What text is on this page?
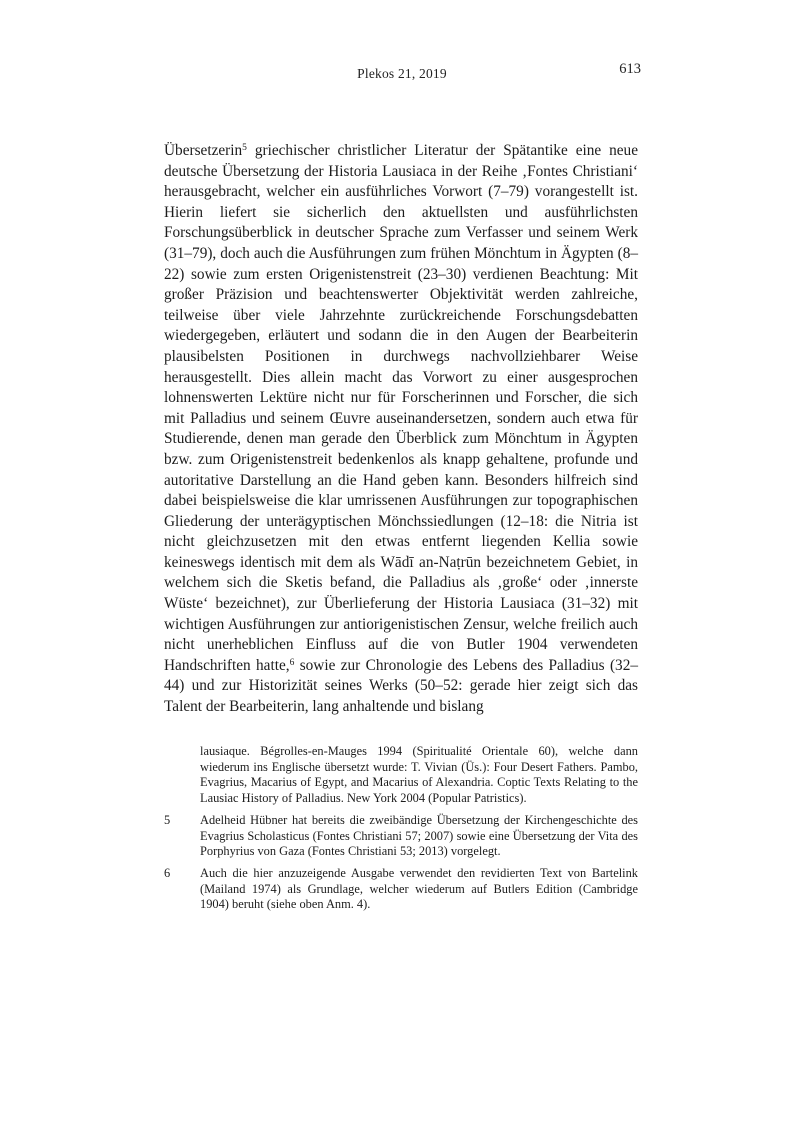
Plekos 21, 2019	613

Übersetzerin$^5$ griechischer christlicher Literatur der Spätantike eine neue deutsche Übersetzung der Historia Lausiaca in der Reihe ‚Fontes Christiani‘ herausgebracht, welcher ein ausführliches Vorwort (7–79) vorangestellt ist. Hierin liefert sie sicherlich den aktuellsten und ausführlichsten Forschungsüberblick in deutscher Sprache zum Verfasser und seinem Werk (31–79), doch auch die Ausführungen zum frühen Mönchtum in Ägypten (8–22) sowie zum ersten Origenistenstreit (23–30) verdienen Beachtung: Mit großer Präzision und beachtenswerter Objektivität werden zahlreiche, teilweise über viele Jahrzehnte zurückreichende Forschungsdebatten wiedergegeben, erläutert und sodann die in den Augen der Bearbeiterin plausibelsten Positionen in durchwegs nachvollziehbarer Weise herausgestellt. Dies allein macht das Vorwort zu einer ausgesprochen lohnenswerten Lektüre nicht nur für Forscherinnen und Forscher, die sich mit Palladius und seinem Œuvre auseinandersetzen, sondern auch etwa für Studierende, denen man gerade den Überblick zum Mönchtum in Ägypten bzw. zum Origenistenstreit bedenkenlos als knapp gehaltene, profunde und autoritative Darstellung an die Hand geben kann. Besonders hilfreich sind dabei beispielsweise die klar umrissenen Ausführungen zur topographischen Gliederung der unterägyptischen Mönchssiedlungen (12–18: die Nitria ist nicht gleichzusetzen mit den etwas entfernt liegenden Kellia sowie keineswegs identisch mit dem als Wādī an-Naṭrūn bezeichnetem Gebiet, in welchem sich die Sketis befand, die Palladius als ‚große‘ oder ‚innerste Wüste‘ bezeichnet), zur Überlieferung der Historia Lausiaca (31–32) mit wichtigen Ausführungen zur antiorigenistischen Zensur, welche freilich auch nicht unerheblichen Einfluss auf die von Butler 1904 verwendeten Handschriften hatte,$^6$ sowie zur Chronologie des Lebens des Palladius (32–44) und zur Historizität seines Werks (50–52: gerade hier zeigt sich das Talent der Bearbeiterin, lang anhaltende und bislang

lausiaque. Bégrolles-en-Mauges 1994 (Spiritualité Orientale 60), welche dann wiederum ins Englische übersetzt wurde: T. Vivian (Üs.): Four Desert Fathers. Pambo, Evagrius, Macarius of Egypt, and Macarius of Alexandria. Coptic Texts Relating to the Lausiac History of Palladius. New York 2004 (Popular Patristics).
5	Adelheid Hübner hat bereits die zweibändige Übersetzung der Kirchengeschichte des Evagrius Scholasticus (Fontes Christiani 57; 2007) sowie eine Übersetzung der Vita des Porphyrius von Gaza (Fontes Christiani 53; 2013) vorgelegt.
6	Auch die hier anzuzeigende Ausgabe verwendet den revidierten Text von Bartelink (Mailand 1974) als Grundlage, welcher wiederum auf Butlers Edition (Cambridge 1904) beruht (siehe oben Anm. 4).
